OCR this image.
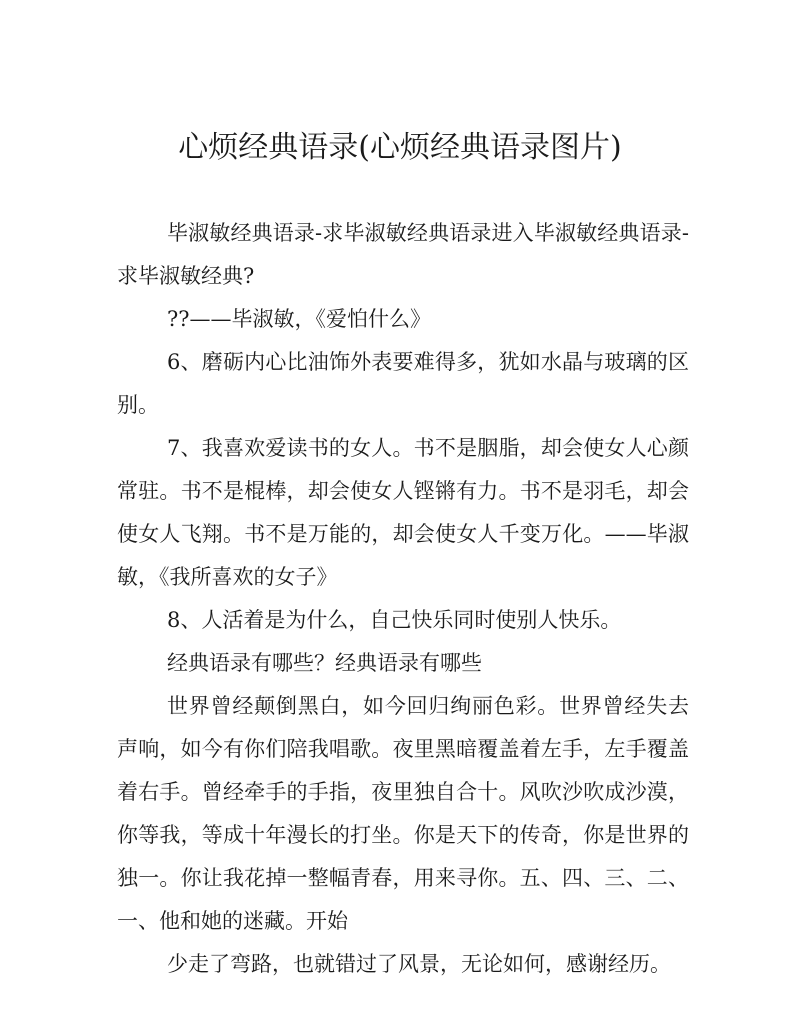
心烦经典语录(心烦经典语录图片)

毕淑敏经典语录-求毕淑敏经典语录进入毕淑敏经典语录-求毕淑敏经典?

??——毕淑敏，《爱怕什么》

6、磨砺内心比油饰外表要难得多，犹如水晶与玻璃的区别。

7、我喜欢爱读书的女人。书不是胭脂，却会使女人心颜常驻。书不是棍棒，却会使女人铿锵有力。书不是羽毛，却会使女人飞翔。书不是万能的，却会使女人千变万化。——毕淑敏，《我所喜欢的女子》

8、人活着是为什么，自己快乐同时使别人快乐。

经典语录有哪些？经典语录有哪些

世界曾经颠倒黑白，如今回归绚丽色彩。世界曾经失去声响，如今有你们陪我唱歌。夜里黑暗覆盖着左手，左手覆盖着右手。曾经牵手的手指，夜里独自合十。风吹沙吹成沙漠，你等我，等成十年漫长的打坐。你是天下的传奇，你是世界的独一。你让我花掉一整幅青春，用来寻你。五、四、三、二、一、他和她的迷藏。开始

少走了弯路，也就错过了风景，无论如何，感谢经历。
